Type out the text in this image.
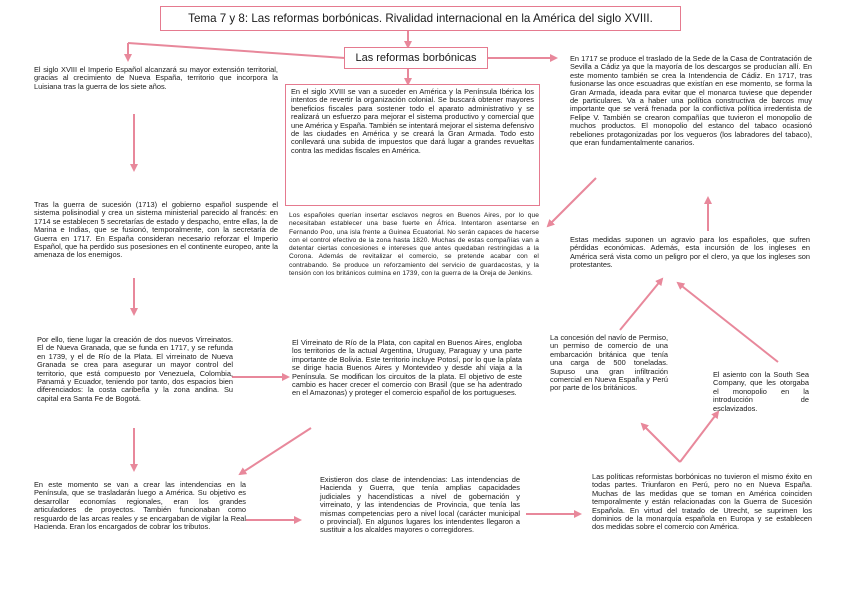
Tema 7 y 8: Las reformas borbónicas. Rivalidad internacional en la América del siglo XVIII.
Las reformas borbónicas
En el siglo XVIII se van a suceder en América y la Península Ibérica los intentos de revertir la organización colonial. Se buscará obtener mayores beneficios fiscales para sostener todo el aparato administrativo y se realizará un esfuerzo para mejorar el sistema productivo y comercial que une América y España. También se intentará mejorar el sistema defensivo de las ciudades en América y se creará la Gran Armada. Todo esto conllevará una subida de impuestos que dará lugar a grandes revueltas contra las medidas fiscales en América.
El siglo XVIII el Imperio Español alcanzará su mayor extensión territorial, gracias al crecimiento de Nueva España, territorio que incorpora la Luisiana tras la guerra de los siete años.
Tras la guerra de sucesión (1713) el gobierno español suspende el sistema polisinodial y crea un sistema ministerial parecido al francés: en 1714 se establecen 5 secretarías de estado y despacho, entre ellas, la de Marina e Indias, que se fusionó, temporalmente, con la secretaría de Guerra en 1717. En España consideran necesario reforzar el Imperio Español, que ha perdido sus posesiones en el continente europeo, ante la amenaza de los enemigos.
Por ello, tiene lugar la creación de dos nuevos Virreinatos. El de Nueva Granada, que se funda en 1717, y se refunda en 1739, y el de Río de la Plata. El virreinato de Nueva Granada se crea para asegurar un mayor control del territorio, que está compuesto por Venezuela, Colombia, Panamá y Ecuador, teniendo por tanto, dos espacios bien diferenciados: la costa caribeña y la zona andina. Su capital era Santa Fe de Bogotá.
En este momento se van a crear las intendencias en la Península, que se trasladarán luego a América. Su objetivo es desarrollar economías regionales, eran los grandes articuladores de proyectos. También funcionaban como resguardo de las arcas reales y se encargaban de vigilar la Real Hacienda. Eran los encargados de cobrar los tributos.
Los españoles querían insertar esclavos negros en Buenos Aires, por lo que necesitaban establecer una base fuerte en África. Intentaron asentarse en Fernando Poo, una isla frente a Guinea Ecuatorial. No serán capaces de hacerse con el control efectivo de la zona hasta 1820. Muchas de estas compañías van a detentar ciertas concesiones e intereses que antes quedaban restringidas a la Corona. Además de revitalizar el comercio, se pretende acabar con el contrabando. Se produce un reforzamiento del servicio de guardacostas, y la tensión con los británicos culmina en 1739, con la guerra de la Oreja de Jenkins.
El Virreinato de Río de la Plata, con capital en Buenos Aires, engloba los territorios de la actual Argentina, Uruguay, Paraguay y una parte importante de Bolivia. Este territorio incluye Potosí, por lo que la plata se dirige hacia Buenos Aires y Montevideo y desde ahí viaja a la Península. Se modifican los circuitos de la plata. El objetivo de este cambio es hacer crecer el comercio con Brasil (que se ha adentrado en el Amazonas) y proteger el comercio español de los portugueses.
Existieron dos clase de intendencias: Las intendencias de Hacienda y Guerra, que tenía amplias capacidades judiciales y hacendísticas a nivel de gobernación y virreinato, y las intendencias de Provincia, que tenía las mismas competencias pero a nivel local (carácter municipal o provincial). En algunos lugares los intendentes llegaron a sustituir a los alcaldes mayores o corregidores.
En 1717 se produce el traslado de la Sede de la Casa de Contratación de Sevilla a Cádiz ya que la mayoría de los descargos se producían allí. En este momento también se crea la Intendencia de Cádiz. En 1717, tras fusionarse las once escuadras que existían en ese momento, se forma la Gran Armada, ideada para evitar que el monarca tuviese que depender de particulares. Va a haber una política constructiva de barcos muy importante que se verá frenada por la conflictiva política irredentista de Felipe V. También se crearon compañías que tuvieron el monopolio de muchos productos. El monopolio del estanco del tabaco ocasionó rebeliones protagonizadas por los vegueros (los labradores del tabaco), que eran fundamentalmente canarios.
Estas medidas suponen un agravio para los españoles, que sufren pérdidas económicas. Además, esta incursión de los ingleses en América será vista como un peligro por el clero, ya que los ingleses son protestantes.
La concesión del navío de Permiso, un permiso de comercio de una embarcación británica que tenía una carga de 500 toneladas. Supuso una gran infiltración comercial en Nueva España y Perú por parte de los británicos.
El asiento con la South Sea Company, que les otorgaba el monopolio en la introducción de esclavizados.
Las políticas reformistas borbónicas no tuvieron el mismo éxito en todas partes. Triunfaron en Perú, pero no en Nueva España. Muchas de las medidas que se toman en América coinciden temporalmente y están relacionadas con la Guerra de Sucesión Española. En virtud del tratado de Utrecht, se suprimen los dominios de la monarquía española en Europa y se establecen dos medidas sobre el comercio con América.
